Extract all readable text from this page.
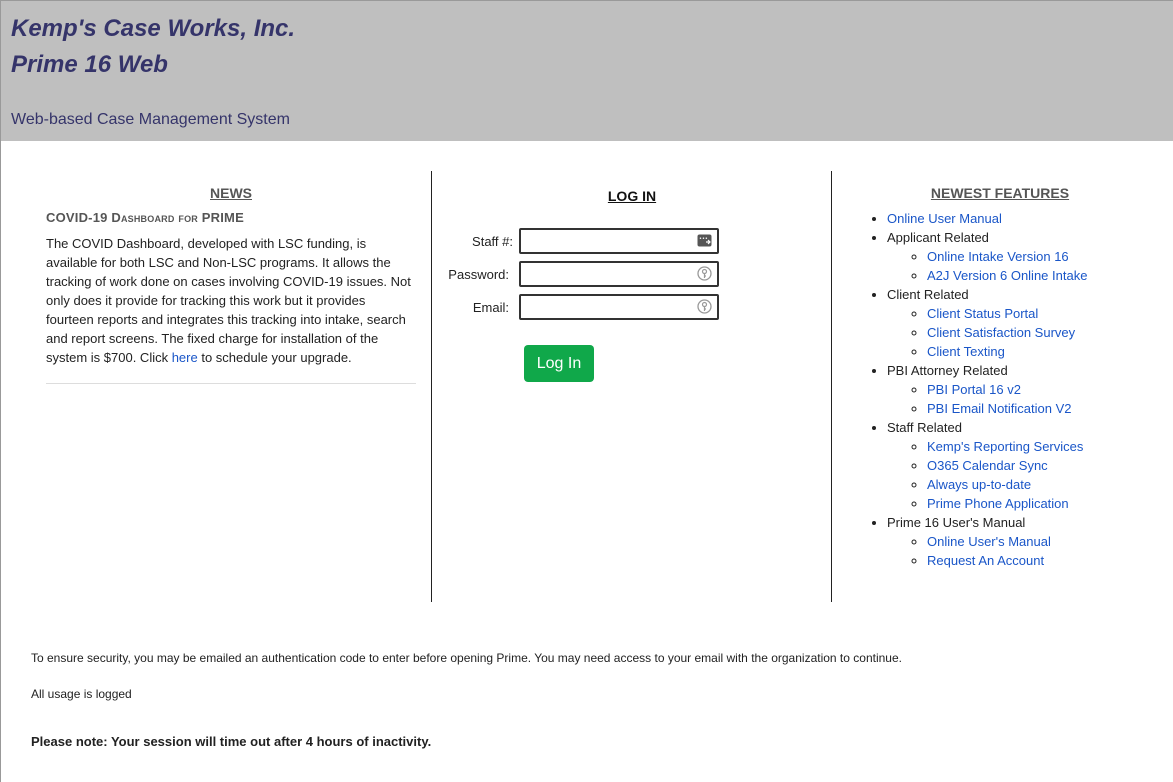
Kemp's Case Works, Inc.
Prime 16 Web
Web-based Case Management System
NEWS
COVID-19 Dashboard for PRIME
The COVID Dashboard, developed with LSC funding, is available for both LSC and Non-LSC programs. It allows the tracking of work done on cases involving COVID-19 issues. Not only does it provide for tracking this work but it provides fourteen reports and integrates this tracking into intake, search and report screens. The fixed charge for installation of the system is $700. Click here to schedule your upgrade.
LOG IN
Staff #:	•••
Password:
Email:
Log In
NEWEST FEATURES
• Online User Manual
• Applicant Related
◦ Online Intake Version 16
◦ A2J Version 6 Online Intake
• Client Related
◦ Client Status Portal
◦ Client Satisfaction Survey
◦ Client Texting
• PBI Attorney Related
◦ PBI Portal 16 v2
◦ PBI Email Notification V2
• Staff Related
◦ Kemp's Reporting Services
◦ O365 Calendar Sync
◦ Always up-to-date
◦ Prime Phone Application
• Prime 16 User's Manual
◦ Online User's Manual
◦ Request An Account
To ensure security, you may be emailed an authentication code to enter before opening Prime. You may need access to your email with the organization to continue.
All usage is logged
Please note: Your session will time out after 4 hours of inactivity.
